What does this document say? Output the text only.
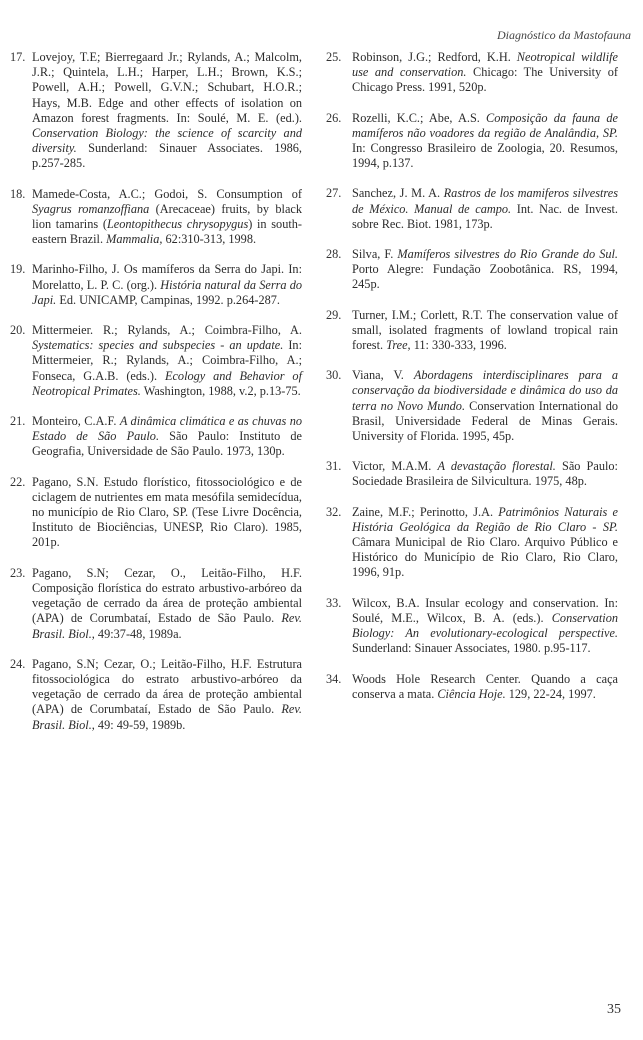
Diagnóstico da Mastofauna
17. Lovejoy, T.E; Bierregaard Jr.; Rylands, A.; Malcolm, J.R.; Quintela, L.H.; Harper, L.H.; Brown, K.S.; Powell, A.H.; Powell, G.V.N.; Schubart, H.O.R.; Hays, M.B. Edge and other effects of isolation on Amazon forest fragments. In: Soulé, M. E. (ed.). Conservation Biology: the science of scarcity and diversity. Sunderland: Sinauer Associates. 1986, p.257-285.
18. Mamede-Costa, A.C.; Godoi, S. Consumption of Syagrus romanzoffiana (Arecaceae) fruits, by black lion tamarins (Leontopithecus chrysopygus) in south-eastern Brazil. Mammalia, 62:310-313, 1998.
19. Marinho-Filho, J. Os mamíferos da Serra do Japi. In: Morelatto, L. P. C. (org.). História natural da Serra do Japi. Ed. UNICAMP, Campinas, 1992. p.264-287.
20. Mittermeier. R.; Rylands, A.; Coimbra-Filho, A. Systematics: species and subspecies - an update. In: Mittermeier, R.; Rylands, A.; Coimbra-Filho, A.; Fonseca, G.A.B. (eds.). Ecology and Behavior of Neotropical Primates. Washington, 1988, v.2, p.13-75.
21. Monteiro, C.A.F. A dinâmica climática e as chuvas no Estado de São Paulo. São Paulo: Instituto de Geografia, Universidade de São Paulo. 1973, 130p.
22. Pagano, S.N. Estudo florístico, fitossociológico e de ciclagem de nutrientes em mata mesófila semidecídua, no município de Rio Claro, SP. (Tese Livre Docência, Instituto de Biociências, UNESP, Rio Claro). 1985, 201p.
23. Pagano, S.N; Cezar, O., Leitão-Filho, H.F. Composição florística do estrato arbustivo-arbóreo da vegetação de cerrado da área de proteção ambiental (APA) de Corumbataí, Estado de São Paulo. Rev. Brasil. Biol., 49:37-48, 1989a.
24. Pagano, S.N; Cezar, O.; Leitão-Filho, H.F. Estrutura fitossociológica do estrato arbustivo-arbóreo da vegetação de cerrado da área de proteção ambiental (APA) de Corumbataí, Estado de São Paulo. Rev. Brasil. Biol., 49: 49-59, 1989b.
25. Robinson, J.G.; Redford, K.H. Neotropical wildlife use and conservation. Chicago: The University of Chicago Press. 1991, 520p.
26. Rozelli, K.C.; Abe, A.S. Composição da fauna de mamíferos não voadores da região de Analândia, SP. In: Congresso Brasileiro de Zoologia, 20. Resumos, 1994, p.137.
27. Sanchez, J. M. A. Rastros de los mamiferos silvestres de México. Manual de campo. Int. Nac. de Invest. sobre Rec. Biot. 1981, 173p.
28. Silva, F. Mamíferos silvestres do Rio Grande do Sul. Porto Alegre: Fundação Zoobotânica. RS, 1994, 245p.
29. Turner, I.M.; Corlett, R.T. The conservation value of small, isolated fragments of lowland tropical rain forest. Tree, 11: 330-333, 1996.
30. Viana, V. Abordagens interdisciplinares para a conservação da biodiversidade e dinâmica do uso da terra no Novo Mundo. Conservation International do Brasil, Universidade Federal de Minas Gerais. University of Florida. 1995, 45p.
31. Victor, M.A.M. A devastação florestal. São Paulo: Sociedade Brasileira de Silvicultura. 1975, 48p.
32. Zaine, M.F.; Perinotto, J.A. Patrimônios Naturais e História Geológica da Região de Rio Claro - SP. Câmara Municipal de Rio Claro. Arquivo Público e Histórico do Município de Rio Claro, Rio Claro, 1996, 91p.
33. Wilcox, B.A. Insular ecology and conservation. In: Soulé, M.E., Wilcox, B. A. (eds.). Conservation Biology: An evolutionary-ecological perspective. Sunderland: Sinauer Associates, 1980. p.95-117.
34. Woods Hole Research Center. Quando a caça conserva a mata. Ciência Hoje. 129, 22-24, 1997.
35
